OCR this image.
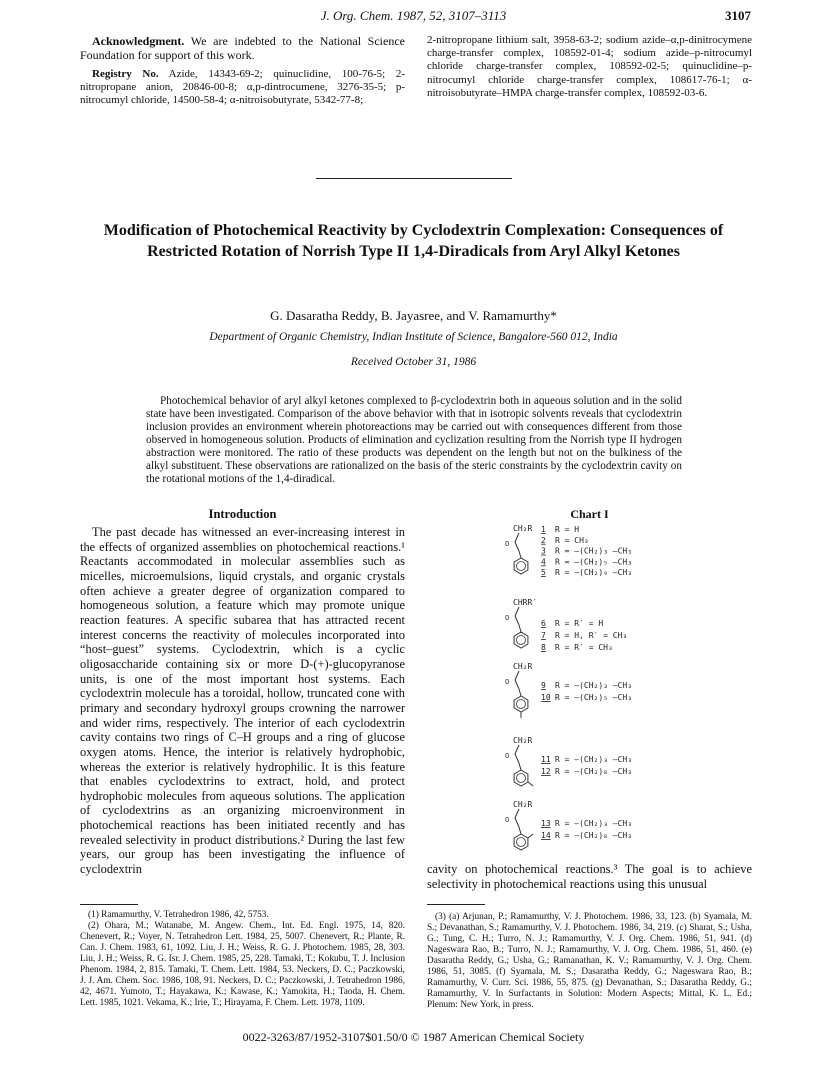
J. Org. Chem. 1987, 52, 3107–3113	3107

Acknowledgment. We are indebted to the National Science Foundation for support of this work.

Registry No. Azide, 14343-69-2; quinuclidine, 100-76-5; 2-nitropropane anion, 20846-00-8; α,p-dintrocumene, 3276-35-5; p-nitrocumyl chloride, 14500-58-4; α-nitroisobutyrate, 5342-77-8;

2-nitropropane lithium salt, 3958-63-2; sodium azide–α,p-dinitrocymene charge-transfer complex, 108592-01-4; sodium azide–p-nitrocumyl chloride charge-transfer complex, 108592-02-5; quinuclidine–p-nitrocumyl chloride charge-transfer complex, 108617-76-1; α-nitroisobutyrate–HMPA charge-transfer complex, 108592-03-6.
Modification of Photochemical Reactivity by Cyclodextrin Complexation: Consequences of Restricted Rotation of Norrish Type II 1,4-Diradicals from Aryl Alkyl Ketones
G. Dasaratha Reddy, B. Jayasree, and V. Ramamurthy*
Department of Organic Chemistry, Indian Institute of Science, Bangalore-560 012, India
Received October 31, 1986
Photochemical behavior of aryl alkyl ketones complexed to β-cyclodextrin both in aqueous solution and in the solid state have been investigated. Comparison of the above behavior with that in isotropic solvents reveals that cyclodextrin inclusion provides an environment wherein photoreactions may be carried out with consequences different from those observed in homogeneous solution. Products of elimination and cyclization resulting from the Norrish type II hydrogen abstraction were monitored. The ratio of these products was dependent on the length but not on the bulkiness of the alkyl substituent. These observations are rationalized on the basis of the steric constraints by the cyclodextrin cavity on the rotational motions of the 1,4-diradical.
Introduction

The past decade has witnessed an ever-increasing interest in the effects of organized assemblies on photochemical reactions.¹ Reactants accommodated in molecular assemblies such as micelles, microemulsions, liquid crystals, and organic crystals often achieve a greater degree of organization compared to homogeneous solution, a feature which may promote unique reaction features. A specific subarea that has attracted recent interest concerns the reactivity of molecules incorporated into “host–guest” systems. Cyclodextrin, which is a cyclic oligosaccharide containing six or more D-(+)-glucopyranose units, is one of the most important host systems. Each cyclodextrin molecule has a toroidal, hollow, truncated cone with primary and secondary hydroxyl groups crowning the narrower and wider rims, respectively. The interior of each cyclodextrin cavity contains two rings of C–H groups and a ring of glucose oxygen atoms. Hence, the interior is relatively hydrophobic, whereas the exterior is relatively hydrophilic. It is this feature that enables cyclodextrins to extract, hold, and protect hydrophobic molecules from aqueous solutions. The application of cyclodextrins as an organizing microenvironment in photochemical reactions has been initiated recently and has revealed selectivity in product distributions.² During the last few years, our group has been investigating the influence of cyclodextrin

Chart I
CH₂R
O
1 R = H
2 R = CH₃
3 R = –(CH₂)₃ –CH₃
4 R = –(CH₂)₅ –CH₃
5 R = –(CH₂)₉ –CH₃
CHRR′
O
6 R = R′ = H
7 R = H, R′ = CH₃
8 R = R′ = CH₃
CH₂R
O	9 R = –(CH₂)₃ –CH₃
10 R = –(CH₂)₅ –CH₃
CH₂R
O	11 R = –(CH₂)₃ –CH₃
12 R = –(CH₂)₈ –CH₃
CH₂R
O	13 R = –(CH₂)₃ –CH₃
14 R = –(CH₂)₈ –CH₃

cavity on photochemical reactions.³ The goal is to achieve selectivity in photochemical reactions using this unusual

(1) Ramamurthy, V. Tetrahedron 1986, 42, 5753.

(2) Ohara, M.; Watanabe, M. Angew. Chem., Int. Ed. Engl. 1975, 14, 820. Chenevert, R.; Voyer, N. Tetrahedron Lett. 1984, 25, 5007. Chenevert, R.; Plante, R. Can. J. Chem. 1983, 61, 1092. Liu, J. H.; Weiss, R. G. J. Photochem. 1985, 28, 303. Liu, J. H.; Weiss, R. G. Isr. J. Chem. 1985, 25, 228. Tamaki, T.; Kokubu, T. J. Inclusion Phenom. 1984, 2, 815. Tamaki, T. Chem. Lett. 1984, 53. Neckers, D. C.; Paczkowski, J. J. Am. Chem. Soc. 1986, 108, 91. Neckers, D. C.; Paczkowski, J. Tetrahedron 1986, 42, 4671. Yumoto, T.; Hayakawa, K.; Kawase, K.; Yamokita, H.; Taoda, H. Chem. Lett. 1985, 1021. Vekama, K.; Irie, T.; Hirayama, F. Chem. Lett. 1978, 1109.

(3) (a) Arjunan, P.; Ramamurthy, V. J. Photochem. 1986, 33, 123. (b) Syamala, M. S.; Devanathan, S.; Ramamurthy, V. J. Photochem. 1986, 34, 219. (c) Sharat, S.; Usha, G.; Tung, C. H.; Turro, N. J.; Ramamurthy, V. J. Org. Chem. 1986, 51, 941. (d) Nageswara Rao, B.; Turro, N. J.; Ramamurthy, V. J. Org. Chem. 1986, 51, 460. (e) Dasaratha Reddy, G.; Usha, G.; Ramanathan, K. V.; Ramamurthy, V. J. Org. Chem. 1986, 51, 3085. (f) Syamala, M. S.; Dasaratha Reddy, G.; Nageswara Rao, B.; Ramamurthy, V. Curr. Sci. 1986, 55, 875. (g) Devanathan, S.; Dasaratha Reddy, G.; Ramamurthy, V. In Surfactants in Solution: Modern Aspects; Mittal, K. L. Ed.; Plenum: New York, in press.

0022-3263/87/1952-3107$01.50/0 © 1987 American Chemical Society
